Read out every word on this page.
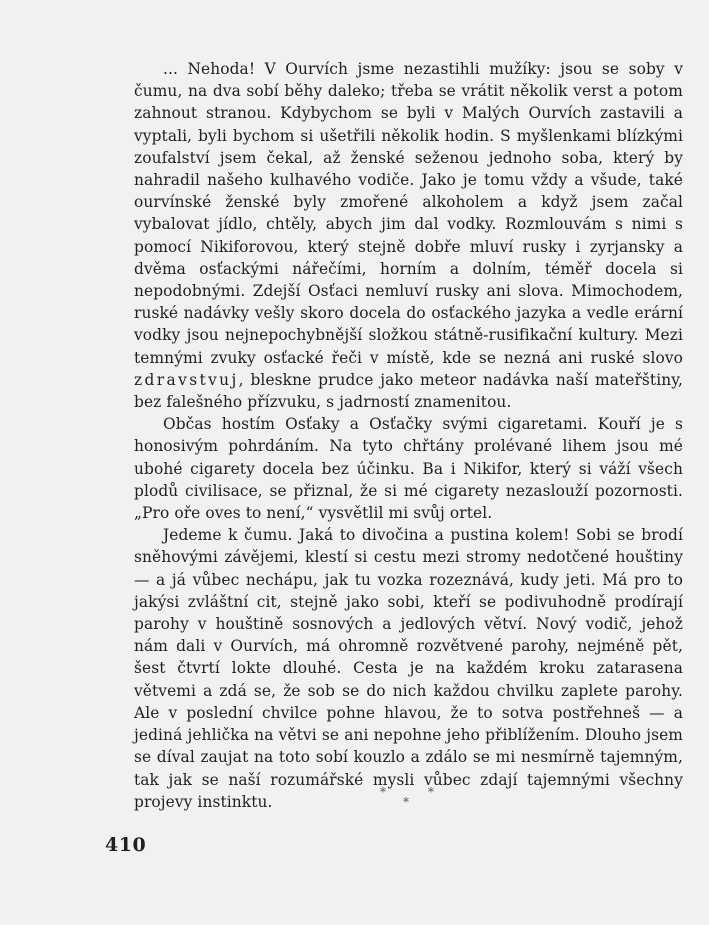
... Nehoda! V Ourvích jsme nezastihli mužíky: jsou se soby v čumu, na dva sobí běhy daleko; třeba se vrátit několik verst a potom zahnout stranou. Kdybychom se byli v Malých Ourvích zastavili a vyptali, byli bychom si ušetřili několik hodin. S myšlenkami blízkými zoufalství jsem čekal, až ženské seženou jednoho soba, který by nahradil našeho kulhavého vodiče. Jako je tomu vždy a všude, také ourvínské ženské byly zmořené alkoholem a když jsem začal vybalovat jídlo, chtěly, abych jim dal vodky. Rozmlouvám s nimi s pomocí Nikiforovou, který stejně dobře mluví rusky i zyrjansky a dvěma osťackými nářečími, horním a dolním, téměř docela si nepodobnými. Zdejší Osťaci nemluví rusky ani slova. Mimochodem, ruské nadávky vešly skoro docela do osťackého jazyka a vedle erární vodky jsou nejnepochybnější složkou státně-rusifikační kultury. Mezi temnými zvuky osťacké řeči v místě, kde se nezná ani ruské slovo zdravstvuj, bleskne prudce jako meteor nadávka naší mateřštiny, bez falešného přízvuku, s jadrností znamenitou.

Občas hostím Osťaky a Osťačky svými cigaretami. Kouří je s honosivým pohrdáním. Na tyto chřtány prolévané lihem jsou mé ubohé cigarety docela bez účinku. Ba i Nikifor, který si váží všech plodů civilisace, se přiznal, že si mé cigarety nezaslouží pozornosti. „Pro oře oves to není,“ vysvětlil mi svůj ortel.

Jedeme k čumu. Jaká to divočina a pustina kolem! Sobi se brodí sněhovými závějemi, klestí si cestu mezi stromy nedotčené houštiny — a já vůbec nechápu, jak tu vozka rozeznává, kudy jeti. Má pro to jakýsi zvláštní cit, stejně jako sobi, kteří se podivuhodně prodírají parohy v houštině sosnových a jedlových větví. Nový vodič, jehož nám dali v Ourvích, má ohromně rozvětvené parohy, nejméně pět, šest čtvrtí lokte dlouhé. Cesta je na každém kroku zatarasena větvemi a zdá se, že sob se do nich každou chvilku zaplete parohy. Ale v poslední chvilce pohne hlavou, že to sotva postřehneš — a jediná jehlička na větvi se ani nepohne jeho přiblížením. Dlouho jsem se díval zaujat na toto sobí kouzlo a zdálo se mi nesmírně tajemným, tak jak se naší rozumářské mysli vůbec zdají tajemnými všechny projevy instinktu.

*	*
*
410
